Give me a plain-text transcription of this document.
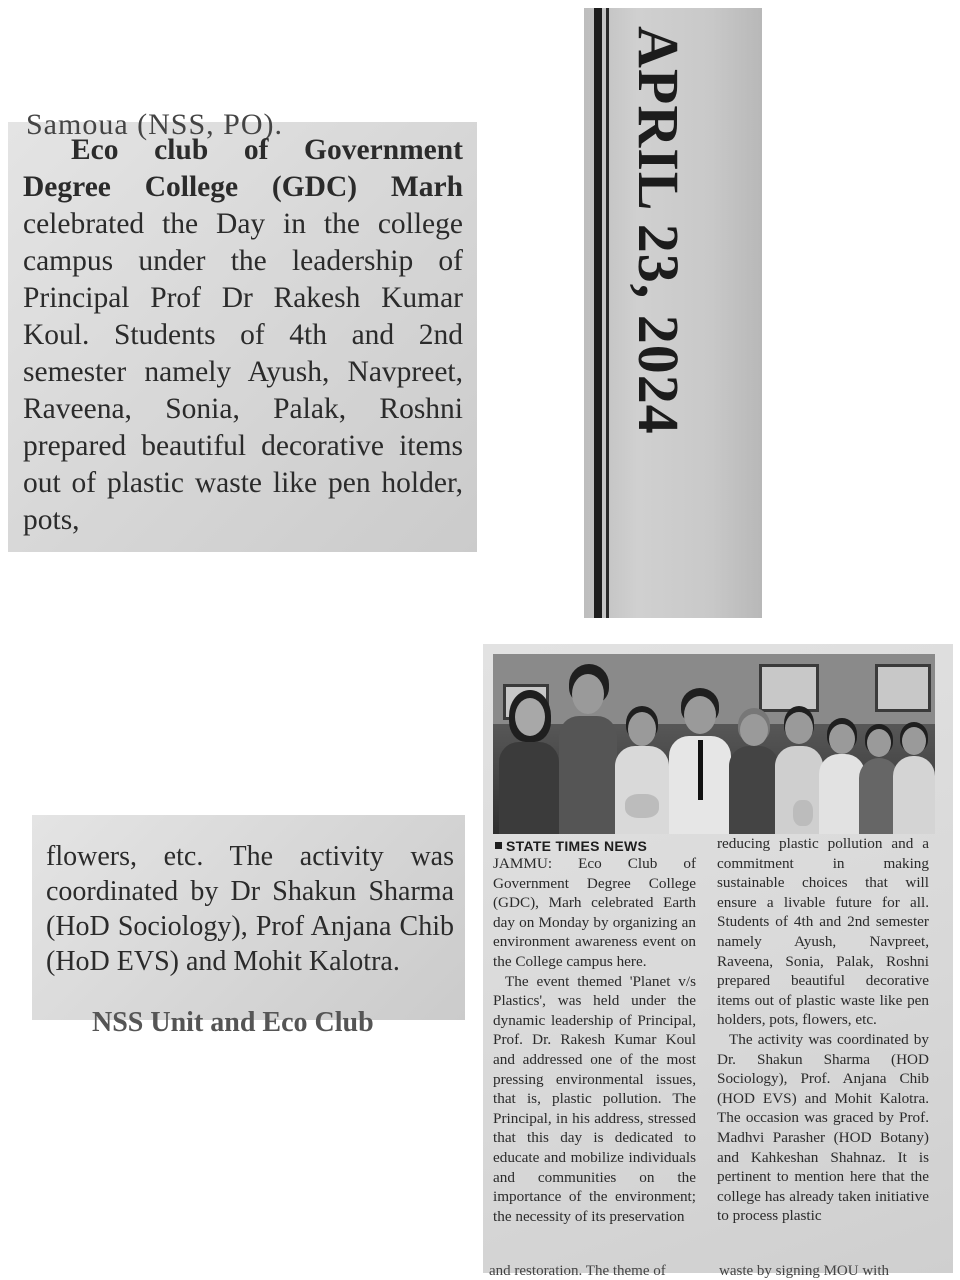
Samoua (NSS, PO).

Eco club of Government Degree College (GDC) Marh celebrated the Day in the college campus under the leadership of Principal Prof Dr Rakesh Kumar Koul. Students of 4th and 2nd semester namely Ayush, Navpreet, Raveena, Sonia, Palak, Roshni prepared beautiful decorative items out of plastic waste like pen holder, pots,

APRIL 23, 2024
flowers, etc. The activity was coordinated by Dr Shakun Sharma (HoD Sociology), Prof Anjana Chib (HoD EVS) and Mohit Kalotra.
NSS Unit and Eco Club
STATE TIMES NEWS

JAMMU: Eco Club of Government Degree College (GDC), Marh celebrated Earth day on Monday by organizing an environment awareness event on the College campus here.

The event themed 'Planet v/s Plastics', was held under the dynamic leadership of Principal, Prof. Dr. Rakesh Kumar Koul and addressed one of the most pressing environmental issues, that is, plastic pollution. The Principal, in his address, stressed that this day is dedicated to educate and mobilize individuals and communities on the importance of the environment; the necessity of its preservation

and restoration. The theme of

reducing plastic pollution and a commitment in making sustainable choices that will ensure a livable future for all. Students of 4th and 2nd semester namely Ayush, Navpreet, Raveena, Sonia, Palak, Roshni prepared beautiful decorative items out of plastic waste like pen holders, pots, flowers, etc.

The activity was coordinated by Dr. Shakun Sharma (HOD Sociology), Prof. Anjana Chib (HOD EVS) and Mohit Kalotra. The occasion was graced by Prof. Madhvi Parasher (HOD Botany) and Kahkeshan Shahnaz. It is pertinent to mention here that the college has already taken initiative to process plastic

waste by signing MOU with
